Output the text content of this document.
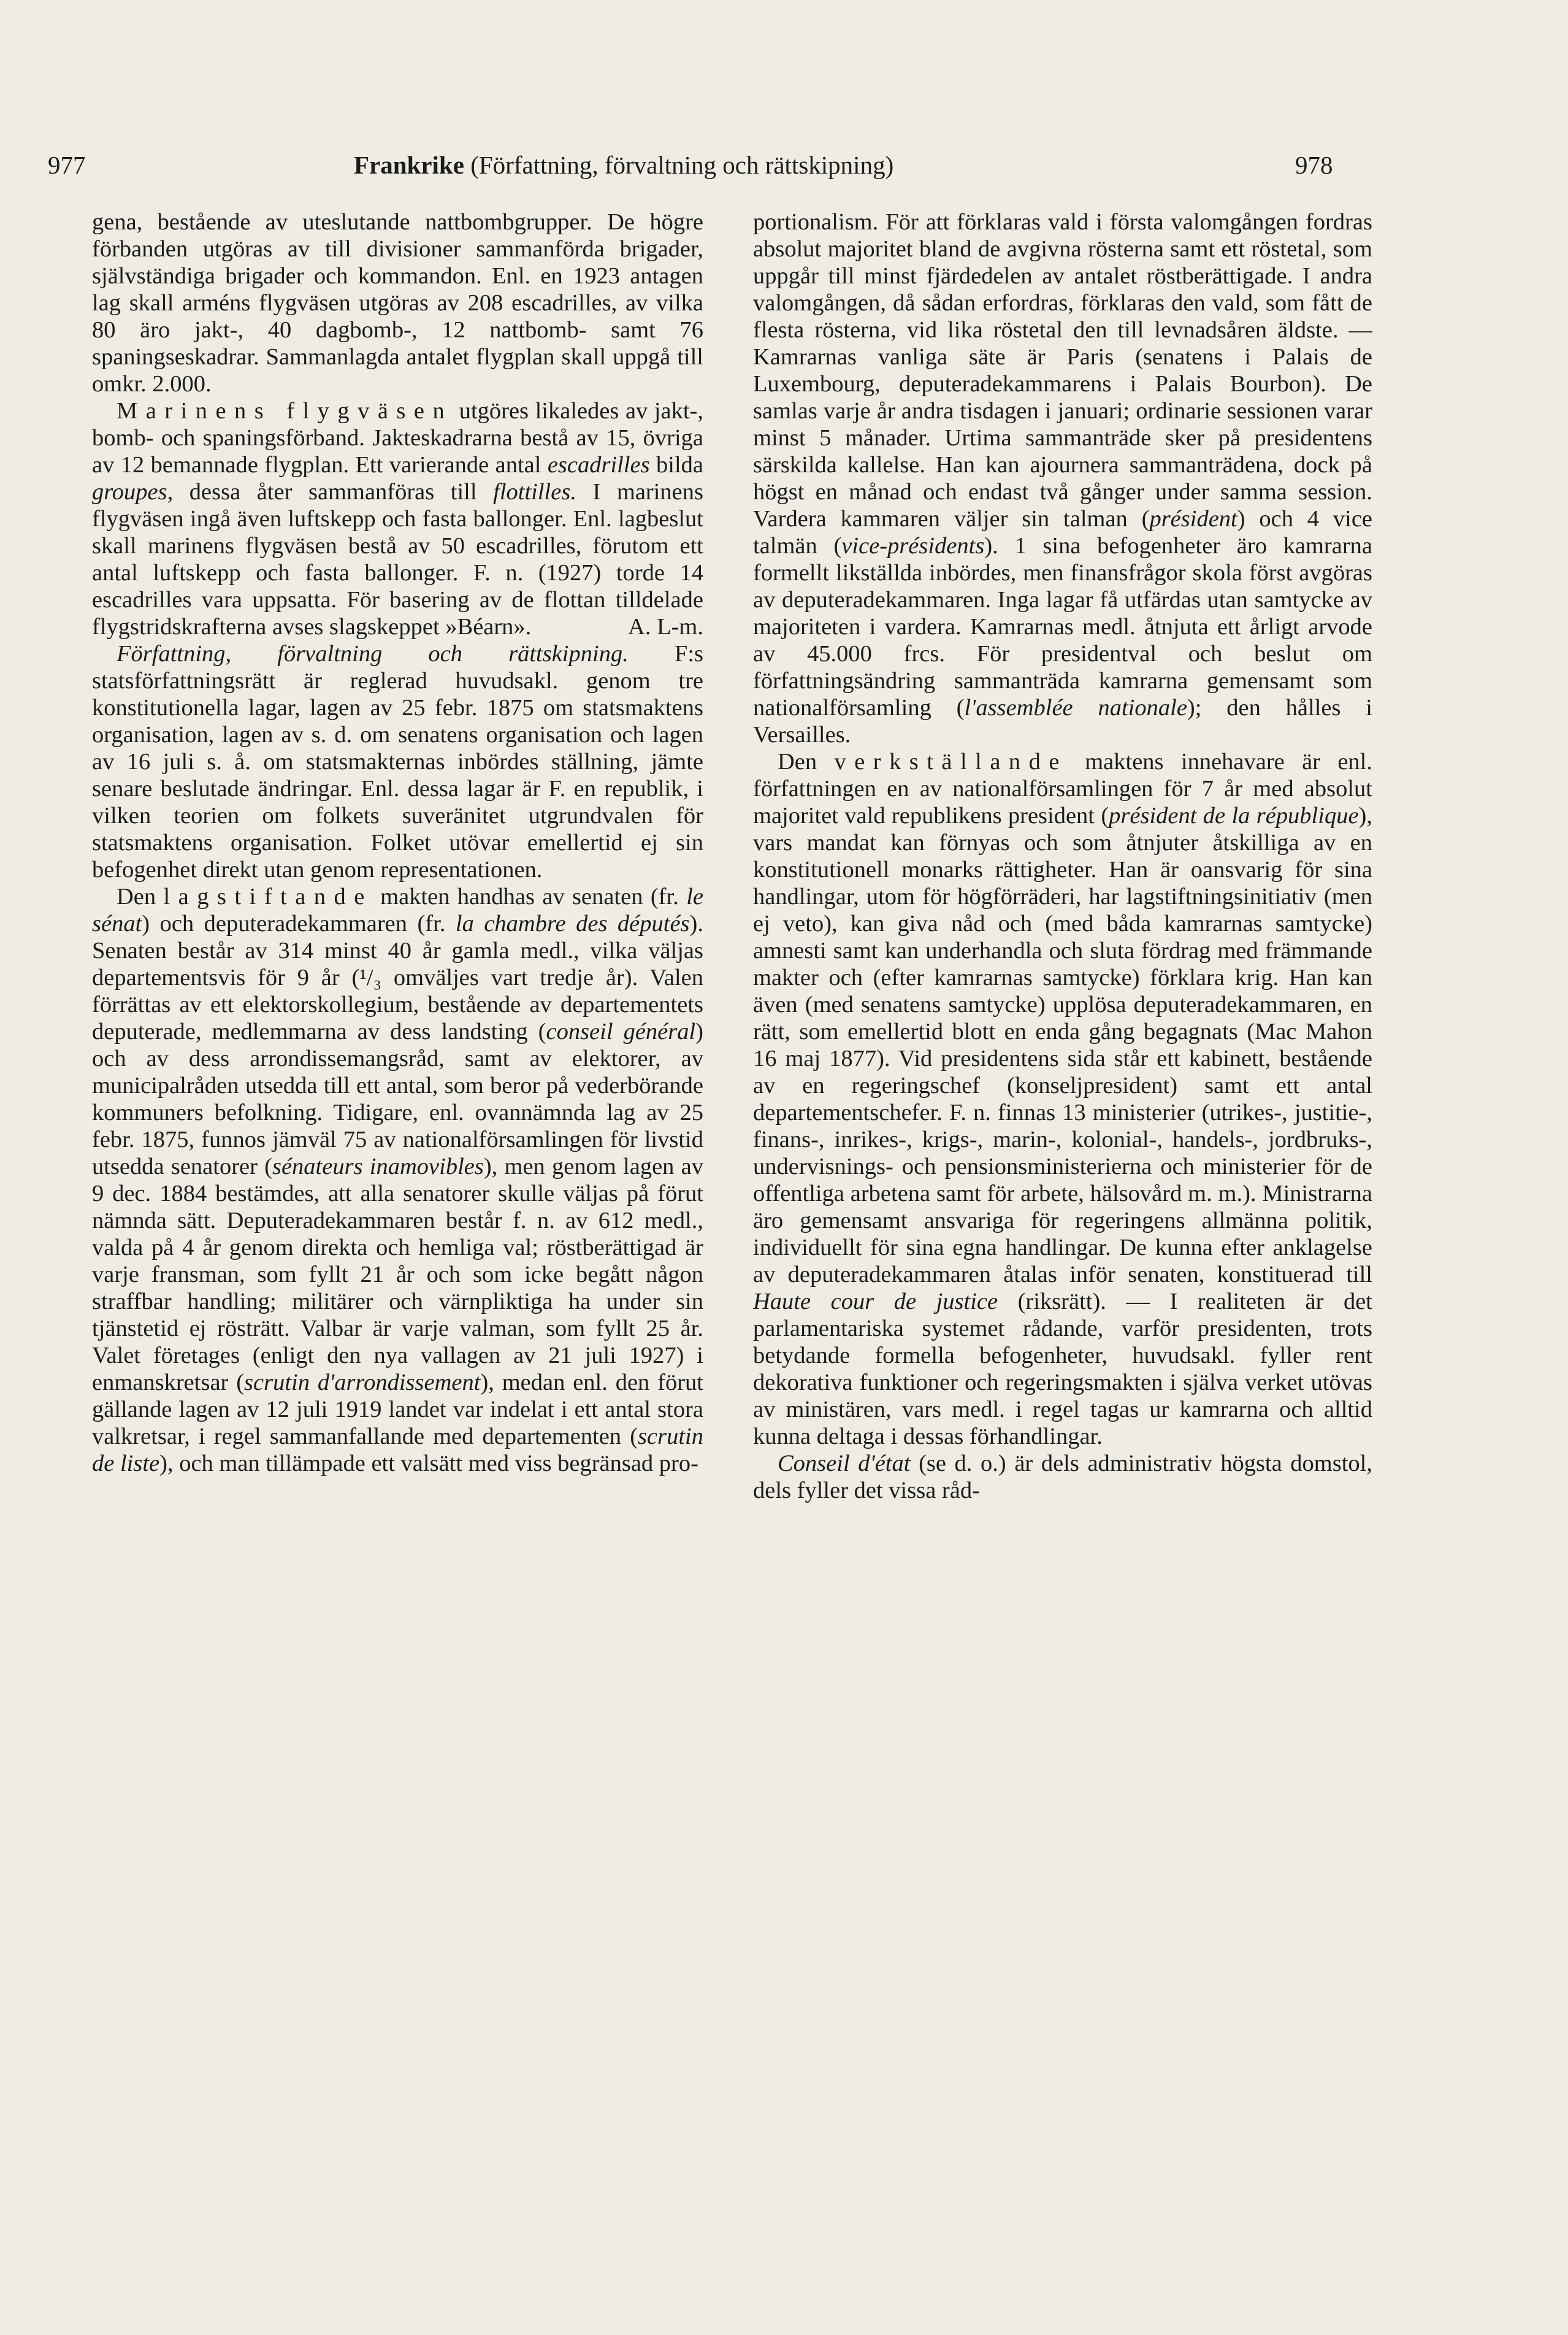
977	Frankrike (Författning, förvaltning och rättskipning)	978

gena, bestående av uteslutande nattbombgrupper. De högre förbanden utgöras av till divisioner sammanförda brigader, självständiga brigader och kommandon. Enl. en 1923 antagen lag skall arméns flygväsen utgöras av 208 escadrilles, av vilka 80 äro jakt-, 40 dagbomb-, 12 nattbomb- samt 76 spaningseskadrar. Sammanlagda antalet flygplan skall uppgå till omkr. 2.000.

Marinens flygväsen utgöres likaledes av jakt-, bomb- och spaningsförband. Jakteskadrarna bestå av 15, övriga av 12 bemannade flygplan. Ett varierande antal escadrilles bilda groupes, dessa åter sammanföras till flottilles. I marinens flygväsen ingå även luftskepp och fasta ballonger. Enl. lagbeslut skall marinens flygväsen bestå av 50 escadrilles, förutom ett antal luftskepp och fasta ballonger. F. n. (1927) torde 14 escadrilles vara uppsatta. För basering av de flottan tilldelade flygstridskrafterna avses slagskeppet »Béarn».	A. L-m.

Författning, förvaltning och rättskipning. F:s statsförfattningsrätt är reglerad huvudsakl. genom tre konstitutionella lagar, lagen av 25 febr. 1875 om statsmaktens organisation, lagen av s. d. om senatens organisation och lagen av 16 juli s. å. om statsmakternas inbördes ställning, jämte senare beslutade ändringar. Enl. dessa lagar är F. en republik, i vilken teorien om folkets suveränitet utgrundvalen för statsmaktens organisation. Folket utövar emellertid ej sin befogenhet direkt utan genom representationen.

Den lagstiftande makten handhas av senaten (fr. le sénat) och deputeradekammaren (fr. la chambre des députés). Senaten består av 314 minst 40 år gamla medl., vilka väljas departementsvis för 9 år (¹/₃ omväljes vart tredje år). Valen förrättas av ett elektorskollegium, bestående av departementets deputerade, medlemmarna av dess landsting (conseil général) och av dess arrondissemangsråd, samt av elektorer, av municipalråden utsedda till ett antal, som beror på vederbörande kommuners befolkning. Tidigare, enl. ovannämnda lag av 25 febr. 1875, funnos jämväl 75 av nationalförsamlingen för livstid utsedda senatorer (sénateurs inamovibles), men genom lagen av 9 dec. 1884 bestämdes, att alla senatorer skulle väljas på förut nämnda sätt. Deputeradekammaren består f. n. av 612 medl., valda på 4 år genom direkta och hemliga val; röstberättigad är varje fransman, som fyllt 21 år och som icke begått någon straffbar handling; militärer och värnpliktiga ha under sin tjänstetid ej rösträtt. Valbar är varje valman, som fyllt 25 år. Valet företages (enligt den nya vallagen av 21 juli 1927) i enmanskretsar (scrutin d'arrondissement), medan enl. den förut gällande lagen av 12 juli 1919 landet var indelat i ett antal stora valkretsar, i regel sammanfallande med departementen (scrutin de liste), och man tillämpade ett valsätt med viss begränsad pro-

portionalism. För att förklaras vald i första valomgången fordras absolut majoritet bland de avgivna rösterna samt ett röstetal, som uppgår till minst fjärdedelen av antalet röstberättigade. I andra valomgången, då sådan erfordras, förklaras den vald, som fått de flesta rösterna, vid lika röstetal den till levnadsåren äldste. — Kamrarnas vanliga säte är Paris (senatens i Palais de Luxembourg, deputeradekammarens i Palais Bourbon). De samlas varje år andra tisdagen i januari; ordinarie sessionen varar minst 5 månader. Urtima sammanträde sker på presidentens särskilda kallelse. Han kan ajournera sammanträdena, dock på högst en månad och endast två gånger under samma session. Vardera kammaren väljer sin talman (président) och 4 vice talmän (vice-présidents). 1 sina befogenheter äro kamrarna formellt likställda inbördes, men finansfrågor skola först avgöras av deputeradekammaren. Inga lagar få utfärdas utan samtycke av majoriteten i vardera. Kamrarnas medl. åtnjuta ett årligt arvode av 45.000 frcs. För presidentval och beslut om författningsändring sammanträda kamrarna gemensamt som nationalförsamling (l'assemblée nationale); den hålles i Versailles.

Den verkställande maktens innehavare är enl. författningen en av nationalförsamlingen för 7 år med absolut majoritet vald republikens president (président de la république), vars mandat kan förnyas och som åtnjuter åtskilliga av en konstitutionell monarks rättigheter. Han är oansvarig för sina handlingar, utom för högförräderi, har lagstiftningsinitiativ (men ej veto), kan giva nåd och (med båda kamrarnas samtycke) amnesti samt kan underhandla och sluta fördrag med främmande makter och (efter kamrarnas samtycke) förklara krig. Han kan även (med senatens samtycke) upplösa deputeradekammaren, en rätt, som emellertid blott en enda gång begagnats (Mac Mahon 16 maj 1877). Vid presidentens sida står ett kabinett, bestående av en regeringschef (konseljpresident) samt ett antal departementschefer. F. n. finnas 13 ministerier (utrikes-, justitie-, finans-, inrikes-, krigs-, marin-, kolonial-, handels-, jordbruks-, undervisnings- och pensionsministerierna och ministerier för de offentliga arbetena samt för arbete, hälsovård m. m.). Ministrarna äro gemensamt ansvariga för regeringens allmänna politik, individuellt för sina egna handlingar. De kunna efter anklagelse av deputeradekammaren åtalas inför senaten, konstituerad till Haute cour de justice (riksrätt). — I realiteten är det parlamentariska systemet rådande, varför presidenten, trots betydande formella befogenheter, huvudsakl. fyller rent dekorativa funktioner och regeringsmakten i själva verket utövas av ministären, vars medl. i regel tagas ur kamrarna och alltid kunna deltaga i dessas förhandlingar.

Conseil d'état (se d. o.) är dels administrativ högsta domstol, dels fyller det vissa råd-
